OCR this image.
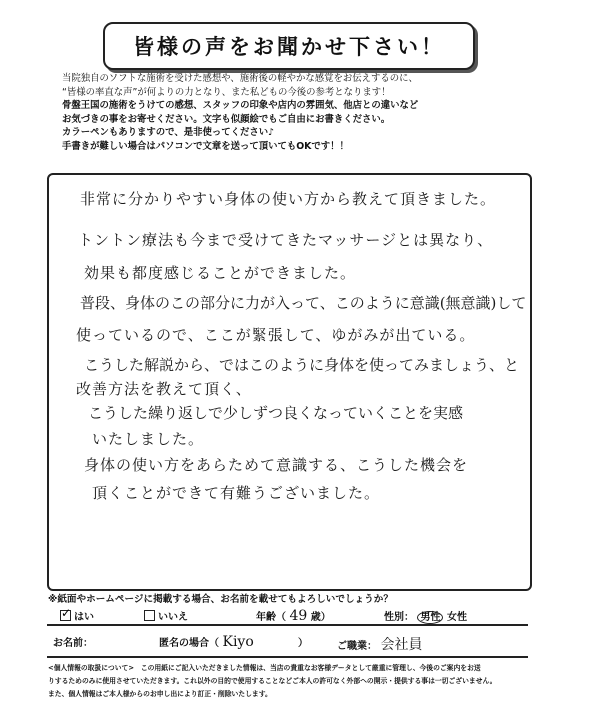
皆様の声をお聞かせ下さい！
当院独自のソフトな施術を受けた感想や、施術後の軽やかな感覚をお伝えするのに、
“皆様の率直な声”が何よりの力となり、また私どもの今後の参考となります！
骨盤王国の施術をうけての感想、スタッフの印象や店内の雰囲気、他店との違いなど
お気づきの事をお寄せください。文字も似顔絵でもご自由にお書きください。
カラーペンもありますので、是非使ってください♪
手書きが難しい場合はパソコンで文章を送って頂いてもOKです！！
非常に分かりやすい身体の使い方から教えて頂きました。
トントン療法も今まで受けてきたマッサージとは異なり、
効果も都度感じることができました。
普段、身体のこの部分に力が入って、このように意識(無意識)して
使っているので、ここが緊張して、ゆがみが出ている。
こうした解説から、ではこのように身体を使ってみましょう、と
改善方法を教えて頂く、
こうした繰り返しで少しずつ良くなっていくことを実感
いたしました。
身体の使い方をあらためて意識する、こうした機会を
頂くことができて有難うございました。
※紙面やホームページに掲載する場合、お名前を載せてもよろしいでしょうか？
✓はい	いいえ	年齢（ 49 歳）	性別： 男性 女性
お名前：	匿名の場合（ Kiyo	）	ご職業： 会社員
<個人情報の取扱について>　この用紙にご記入いただきました情報は、当店の貴重なお客様データとして厳重に管理し、今後のご案内をお送
りするためのみに使用させていただきます。これ以外の目的で使用することなどご本人の許可なく外部への開示・提供する事は一切ございません。
また、個人情報はご本人様からのお申し出により訂正・削除いたします。
